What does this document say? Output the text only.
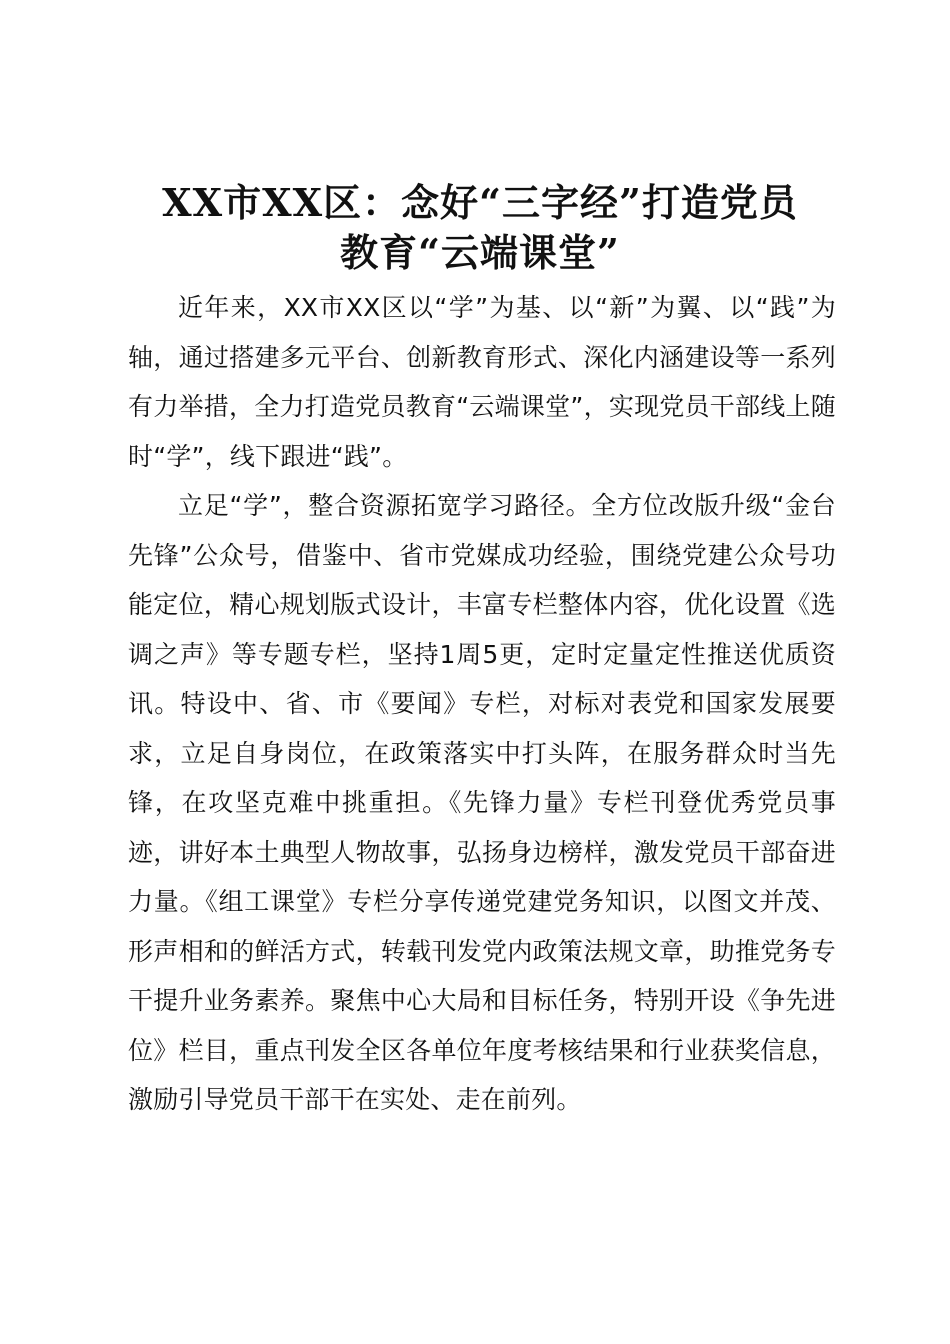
XX市XX区：念好“三字经”打造党员
教育“云端课堂”

近年来，XX市XX区以“学”为基、以“新”为翼、以“践”为轴，通过搭建多元平台、创新教育形式、深化内涵建设等一系列有力举措，全力打造党员教育“云端课堂”，实现党员干部线上随时“学”，线下跟进“践”。

立足“学”，整合资源拓宽学习路径。全方位改版升级“金台先锋”公众号，借鉴中、省市党媒成功经验，围绕党建公众号功能定位，精心规划版式设计，丰富专栏整体内容，优化设置《选调之声》等专题专栏，坚持1周5更，定时定量定性推送优质资讯。特设中、省、市《要闻》专栏，对标对表党和国家发展要求，立足自身岗位，在政策落实中打头阵，在服务群众时当先锋，在攻坚克难中挑重担。《先锋力量》专栏刊登优秀党员事迹，讲好本土典型人物故事，弘扬身边榜样，激发党员干部奋进力量。《组工课堂》专栏分享传递党建党务知识，以图文并茂、形声相和的鲜活方式，转载刊发党内政策法规文章，助推党务专干提升业务素养。聚焦中心大局和目标任务，特别开设《争先进位》栏目，重点刊发全区各单位年度考核结果和行业获奖信息，激励引导党员干部干在实处、走在前列。
